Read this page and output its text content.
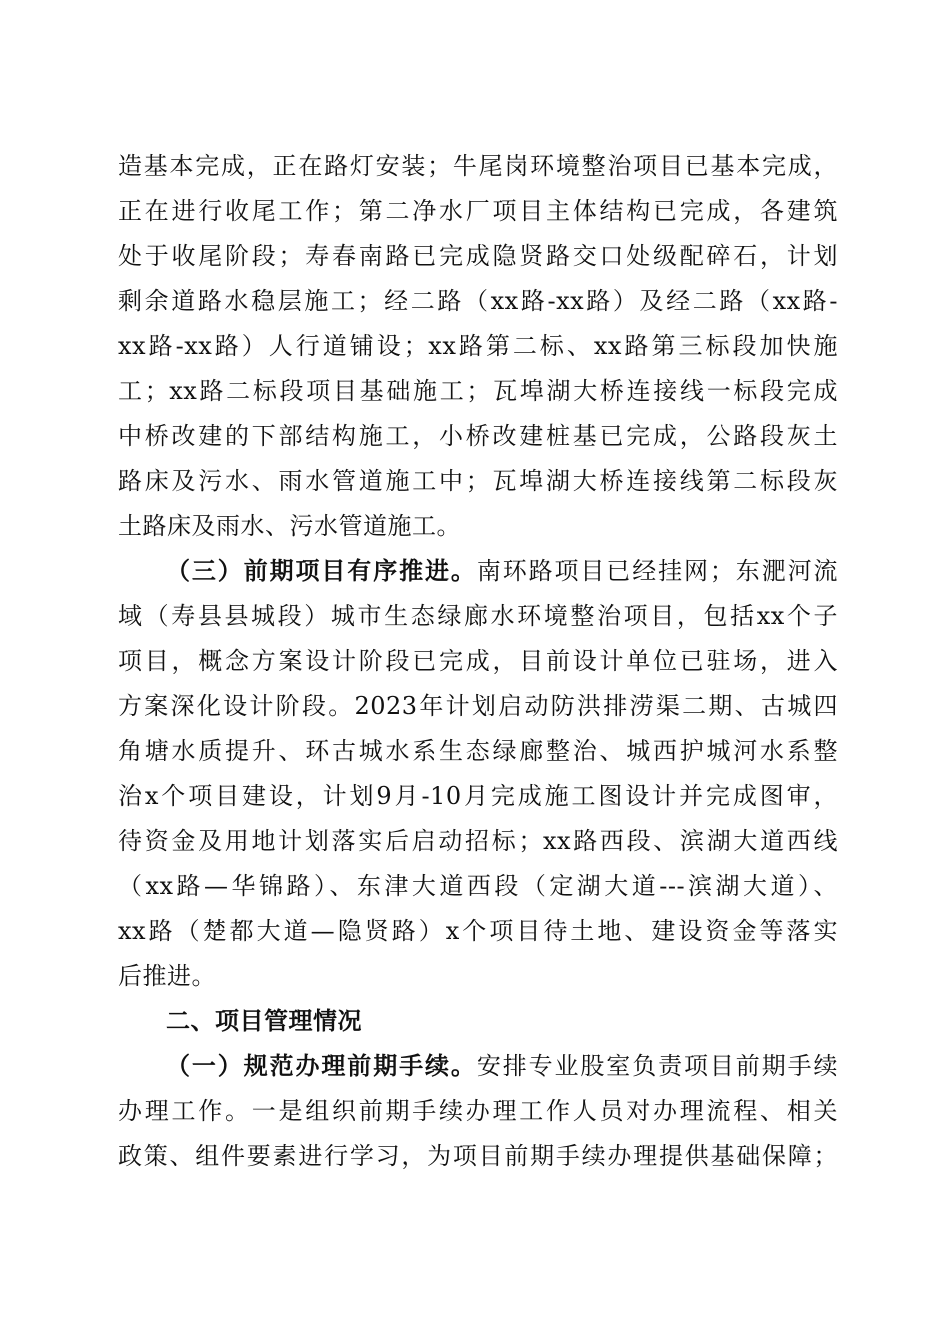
造基本完成，正在路灯安装；牛尾岗环境整治项目已基本完成，
正在进行收尾工作；第二净水厂项目主体结构已完成，各建筑
处于收尾阶段；寿春南路已完成隐贤路交口处级配碎石，计划
剩余道路水稳层施工；经二路（xx路-xx路）及经二路（xx路-
xx路-xx路）人行道铺设；xx路第二标、xx路第三标段加快施
工；xx路二标段项目基础施工；瓦埠湖大桥连接线一标段完成
中桥改建的下部结构施工，小桥改建桩基已完成，公路段灰土
路床及污水、雨水管道施工中；瓦埠湖大桥连接线第二标段灰
土路床及雨水、污水管道施工。
（三）前期项目有序推进。南环路项目已经挂网；东淝河流
域（寿县县城段）城市生态绿廊水环境整治项目，包括xx个子
项目，概念方案设计阶段已完成，目前设计单位已驻场，进入
方案深化设计阶段。2023年计划启动防洪排涝渠二期、古城四
角塘水质提升、环古城水系生态绿廊整治、城西护城河水系整
治x个项目建设，计划9月-10月完成施工图设计并完成图审，
待资金及用地计划落实后启动招标；xx路西段、滨湖大道西线
（xx路—华锦路）、东津大道西段（定湖大道---滨湖大道）、
xx路（楚都大道—隐贤路）x个项目待土地、建设资金等落实
后推进。
二、项目管理情况
（一）规范办理前期手续。安排专业股室负责项目前期手续
办理工作。一是组织前期手续办理工作人员对办理流程、相关
政策、组件要素进行学习，为项目前期手续办理提供基础保障；
